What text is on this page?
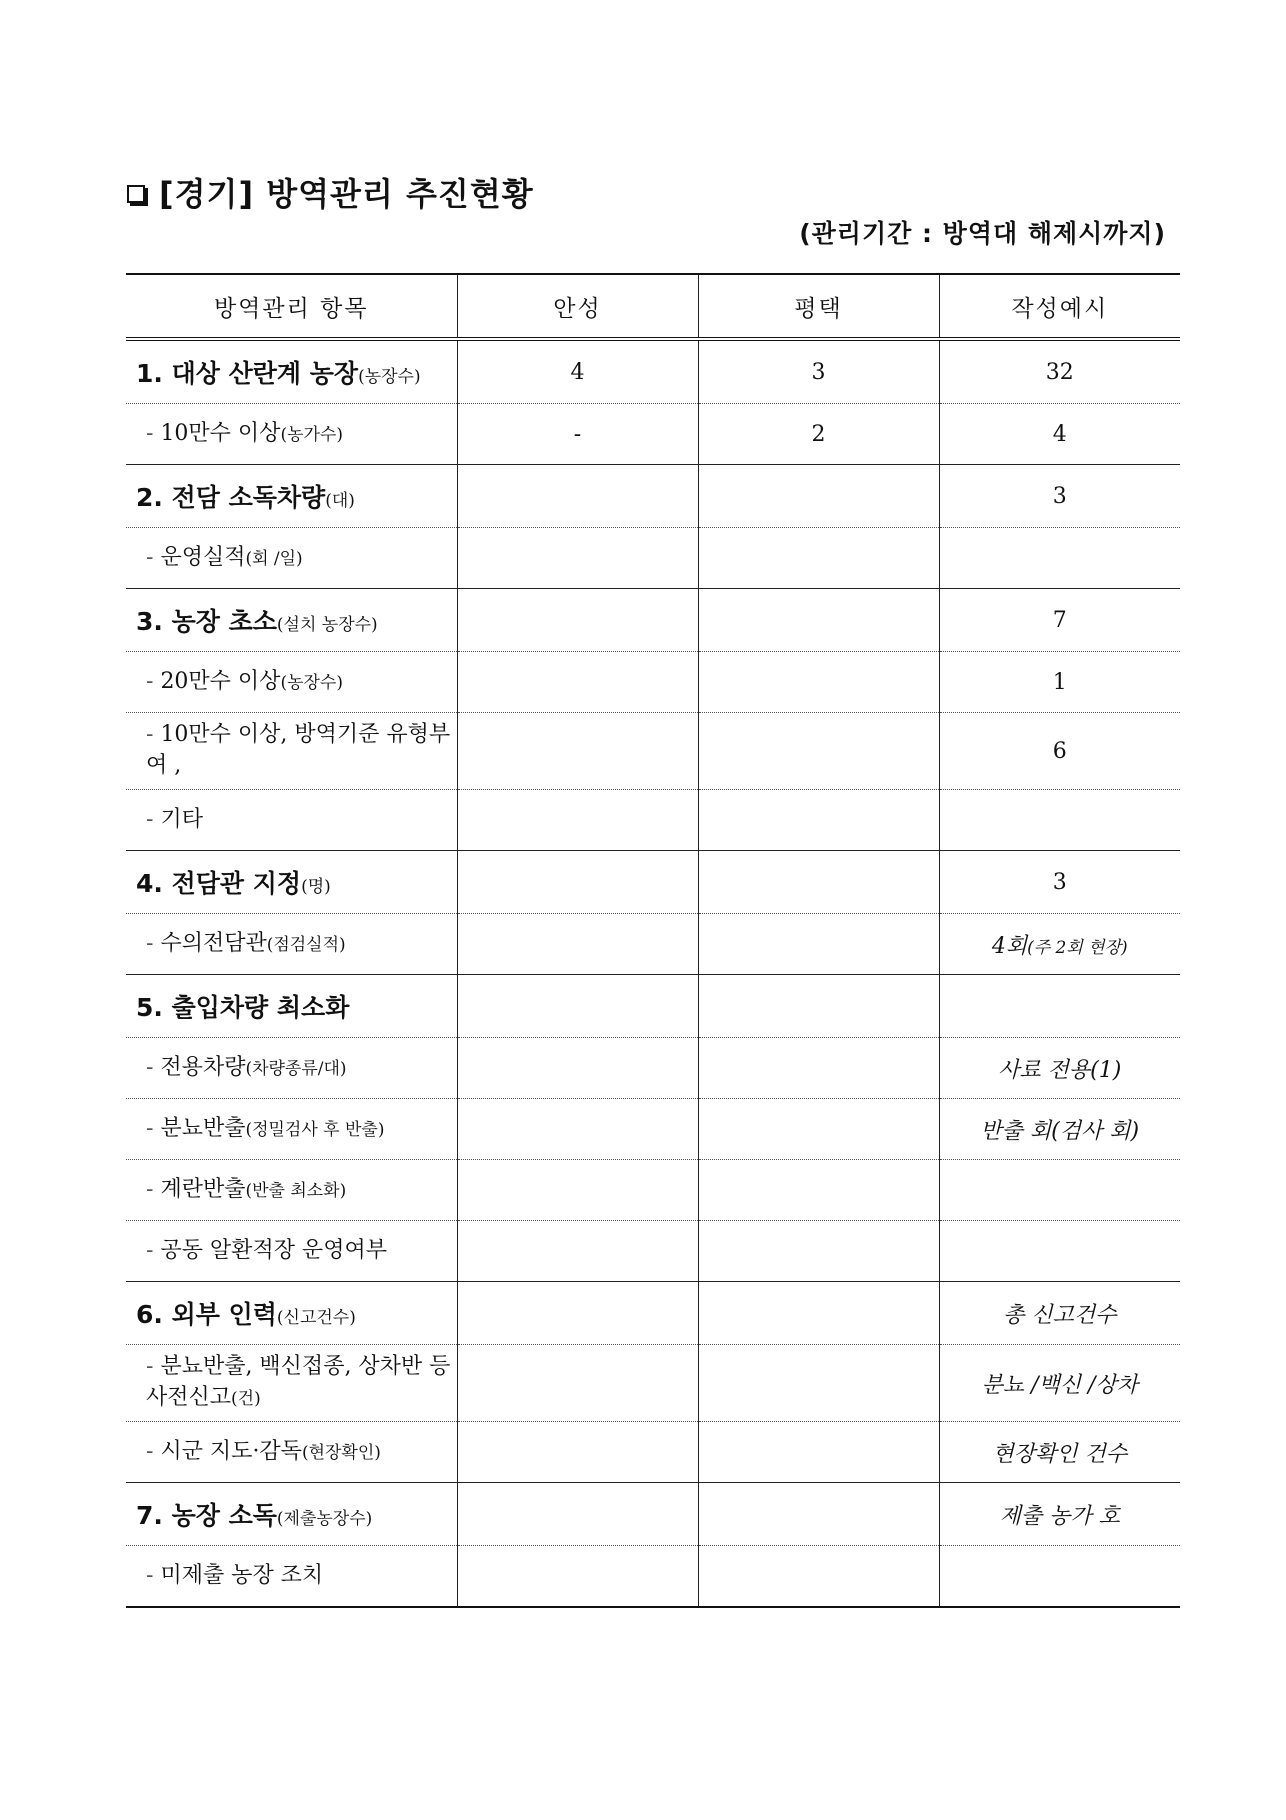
[경기] 방역관리 추진현황
(관리기간 : 방역대 해제시까지)
방역관리 항목	안성	평택	작성예시
1. 대상 산란계 농장(농장수)	4	3	32
- 10만수 이상(농가수)	-	2	4
2. 전담 소독차량(대)			3
- 운영실적(회 /일)			
3. 농장 초소(설치 농장수)			7
- 20만수 이상(농장수)			1
- 10만수 이상, 방역기준 유형부여 ,			6
- 기타			
4. 전담관 지정(명)			3
- 수의전담관(점검실적)			4회(주 2회 현장)
5. 출입차량 최소화			
- 전용차량(차량종류/대)			사료 전용(1)
- 분뇨반출(정밀검사 후 반출)			반출 회(검사 회)
- 계란반출(반출 최소화)			
- 공동 알환적장 운영여부			
6. 외부 인력(신고건수)			총 신고건수
- 분뇨반출, 백신접종, 상차반 등 사전신고(건)			분뇨 /백신 /상차
- 시군 지도·감독(현장확인)			현장확인 건수
7. 농장 소독(제출농장수)			제출 농가 호
- 미제출 농장 조치			
